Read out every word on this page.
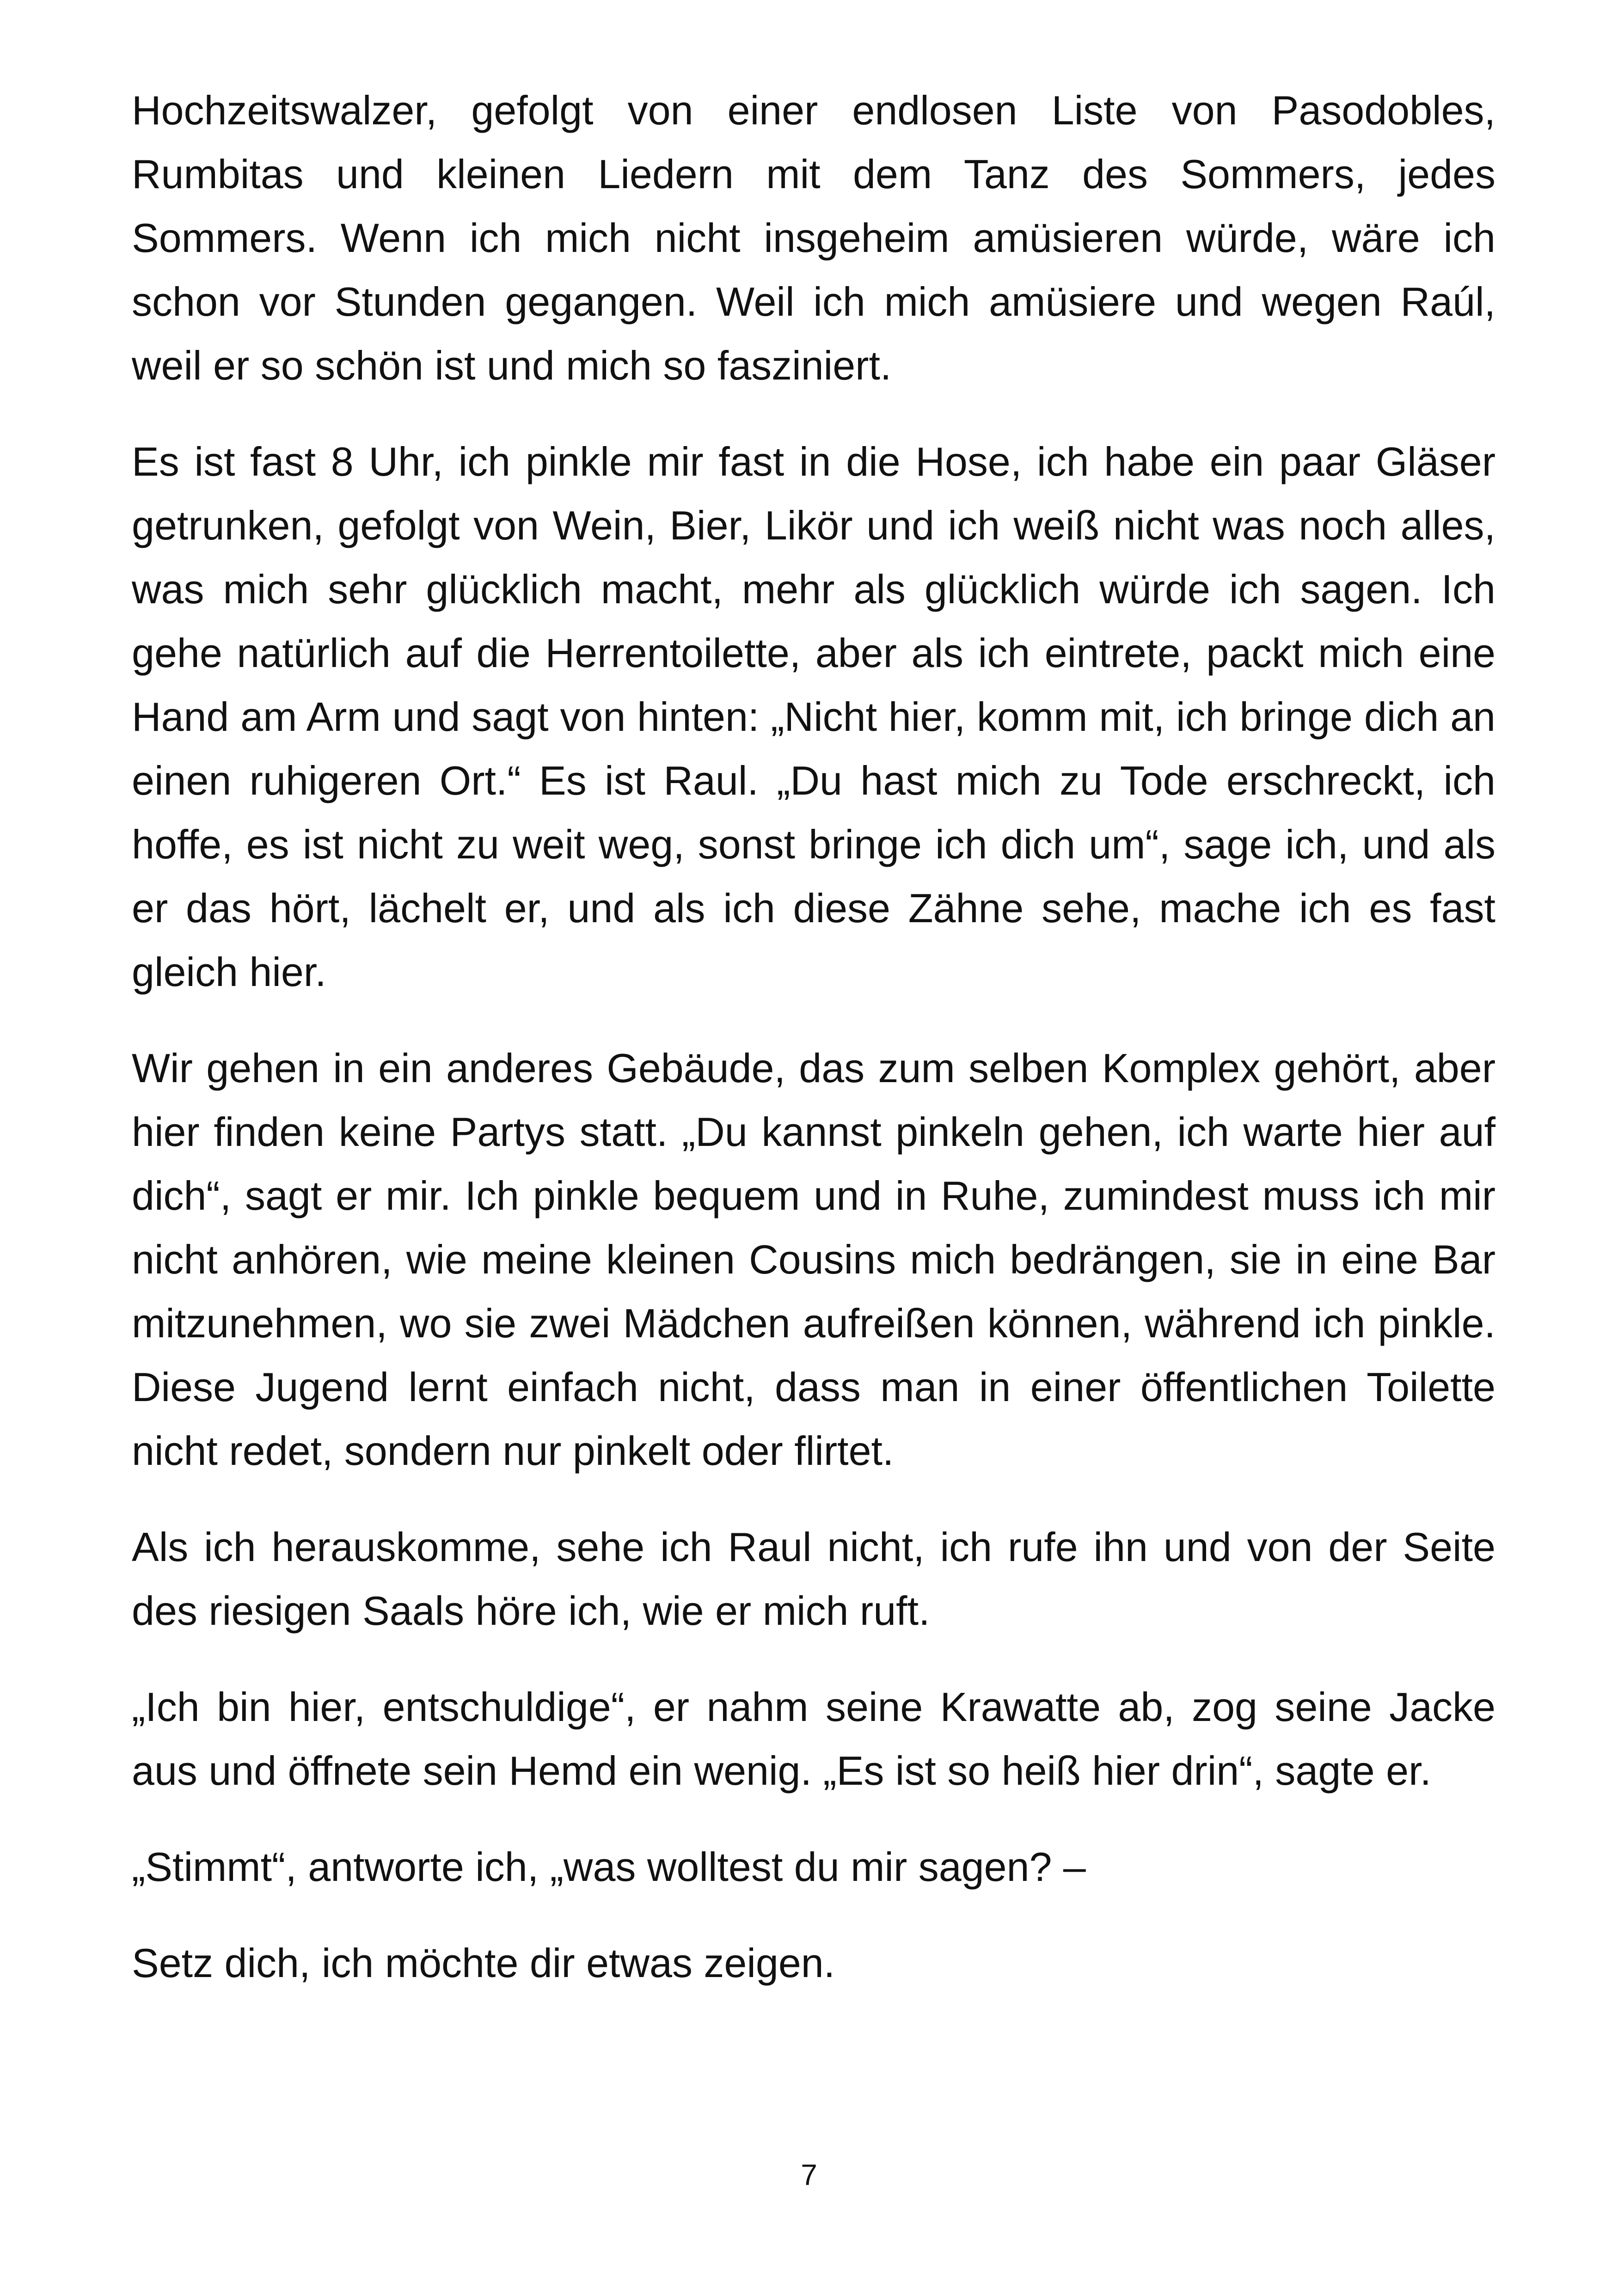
Hochzeitswalzer, gefolgt von einer endlosen Liste von Pasodobles, Rumbitas und kleinen Liedern mit dem Tanz des Sommers, jedes Sommers. Wenn ich mich nicht insgeheim amüsieren würde, wäre ich schon vor Stunden gegangen. Weil ich mich amüsiere und wegen Raúl, weil er so schön ist und mich so fasziniert.

Es ist fast 8 Uhr, ich pinkle mir fast in die Hose, ich habe ein paar Gläser getrunken, gefolgt von Wein, Bier, Likör und ich weiß nicht was noch alles, was mich sehr glücklich macht, mehr als glücklich würde ich sagen. Ich gehe natürlich auf die Herrentoilette, aber als ich eintrete, packt mich eine Hand am Arm und sagt von hinten: „Nicht hier, komm mit, ich bringe dich an einen ruhigeren Ort.“ Es ist Raul. „Du hast mich zu Tode erschreckt, ich hoffe, es ist nicht zu weit weg, sonst bringe ich dich um“, sage ich, und als er das hört, lächelt er, und als ich diese Zähne sehe, mache ich es fast gleich hier.

Wir gehen in ein anderes Gebäude, das zum selben Komplex gehört, aber hier finden keine Partys statt. „Du kannst pinkeln gehen, ich warte hier auf dich“, sagt er mir. Ich pinkle bequem und in Ruhe, zumindest muss ich mir nicht anhören, wie meine kleinen Cousins mich bedrängen, sie in eine Bar mitzunehmen, wo sie zwei Mädchen aufreißen können, während ich pinkle. Diese Jugend lernt einfach nicht, dass man in einer öffentlichen Toilette nicht redet, sondern nur pinkelt oder flirtet.

Als ich herauskomme, sehe ich Raul nicht, ich rufe ihn und von der Seite des riesigen Saals höre ich, wie er mich ruft.

„Ich bin hier, entschuldige“, er nahm seine Krawatte ab, zog seine Jacke aus und öffnete sein Hemd ein wenig. „Es ist so heiß hier drin“, sagte er.

„Stimmt“, antworte ich, „was wolltest du mir sagen? –

Setz dich, ich möchte dir etwas zeigen.

7
